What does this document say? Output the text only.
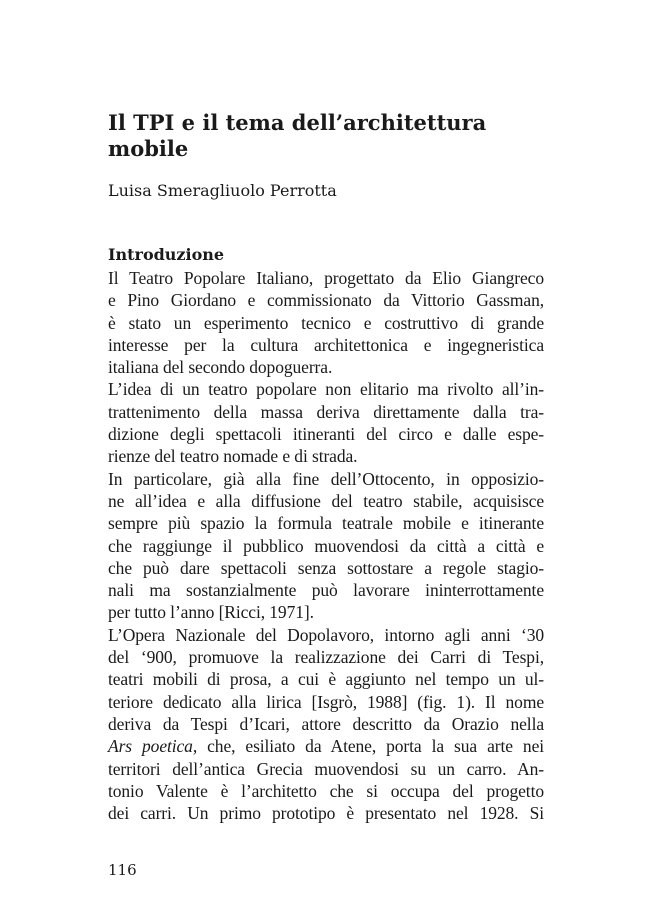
Il TPI e il tema dell’architettura
mobile
Luisa Smeragliuolo Perrotta
Introduzione
Il Teatro Popolare Italiano, progettato da Elio Giangreco
e Pino Giordano e commissionato da Vittorio Gassman,
è stato un esperimento tecnico e costruttivo di grande
interesse per la cultura architettonica e ingegneristica
italiana del secondo dopoguerra.
L’idea di un teatro popolare non elitario ma rivolto all’in-
trattenimento della massa deriva direttamente dalla tra-
dizione degli spettacoli itineranti del circo e dalle espe-
rienze del teatro nomade e di strada.
In particolare, già alla fine dell’Ottocento, in opposizio-
ne all’idea e alla diffusione del teatro stabile, acquisisce
sempre più spazio la formula teatrale mobile e itinerante
che raggiunge il pubblico muovendosi da città a città e
che può dare spettacoli senza sottostare a regole stagio-
nali ma sostanzialmente può lavorare ininterrottamente
per tutto l’anno [Ricci, 1971].
L’Opera Nazionale del Dopolavoro, intorno agli anni ‘30
del ‘900, promuove la realizzazione dei Carri di Tespi,
teatri mobili di prosa, a cui è aggiunto nel tempo un ul-
teriore dedicato alla lirica [Isgrò, 1988] (fig. 1). Il nome
deriva da Tespi d’Icari, attore descritto da Orazio nella
Ars poetica, che, esiliato da Atene, porta la sua arte nei
territori dell’antica Grecia muovendosi su un carro. An-
tonio Valente è l’architetto che si occupa del progetto
dei carri. Un primo prototipo è presentato nel 1928. Si
116
